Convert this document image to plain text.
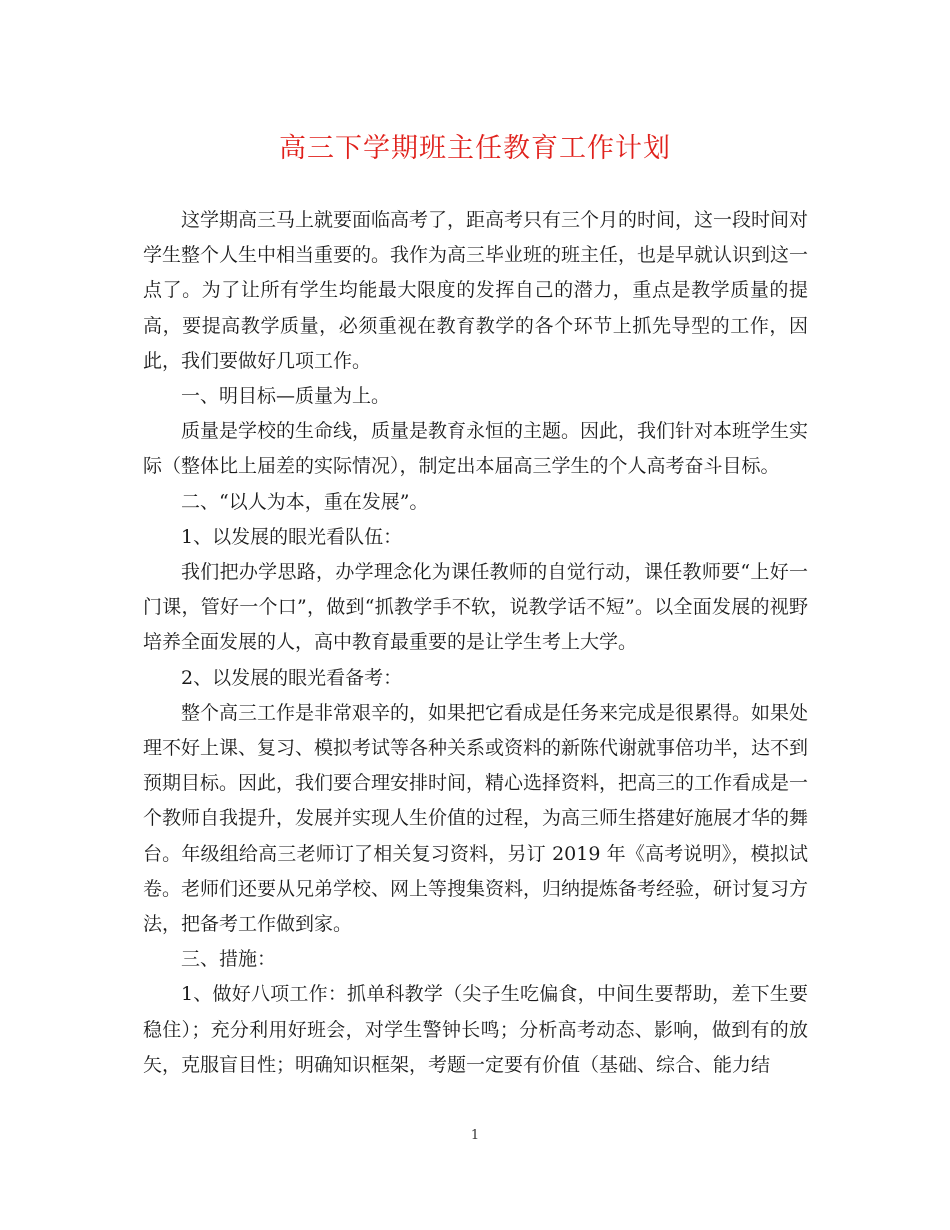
高三下学期班主任教育工作计划

这学期高三马上就要面临高考了，距高考只有三个月的时间，这一段时间对学生整个人生中相当重要的。我作为高三毕业班的班主任，也是早就认识到这一点了。为了让所有学生均能最大限度的发挥自己的潜力，重点是教学质量的提高，要提高教学质量，必须重视在教育教学的各个环节上抓先导型的工作，因此，我们要做好几项工作。

一、明目标—质量为上。

质量是学校的生命线，质量是教育永恒的主题。因此，我们针对本班学生实际（整体比上届差的实际情况），制定出本届高三学生的个人高考奋斗目标。

二、“以人为本，重在发展”。

1、以发展的眼光看队伍：

我们把办学思路，办学理念化为课任教师的自觉行动，课任教师要“上好一门课，管好一个口”，做到“抓教学手不软，说教学话不短”。以全面发展的视野培养全面发展的人，高中教育最重要的是让学生考上大学。

2、以发展的眼光看备考：

整个高三工作是非常艰辛的，如果把它看成是任务来完成是很累得。如果处理不好上课、复习、模拟考试等各种关系或资料的新陈代谢就事倍功半，达不到预期目标。因此，我们要合理安排时间，精心选择资料，把高三的工作看成是一个教师自我提升，发展并实现人生价值的过程，为高三师生搭建好施展才华的舞台。年级组给高三老师订了相关复习资料，另订 2019 年《高考说明》，模拟试卷。老师们还要从兄弟学校、网上等搜集资料，归纳提炼备考经验，研讨复习方法，把备考工作做到家。

三、措施：

1、做好八项工作：抓单科教学（尖子生吃偏食，中间生要帮助，差下生要稳住）；充分利用好班会，对学生警钟长鸣；分析高考动态、影响，做到有的放矢，克服盲目性；明确知识框架，考题一定要有价值（基础、综合、能力结

1
